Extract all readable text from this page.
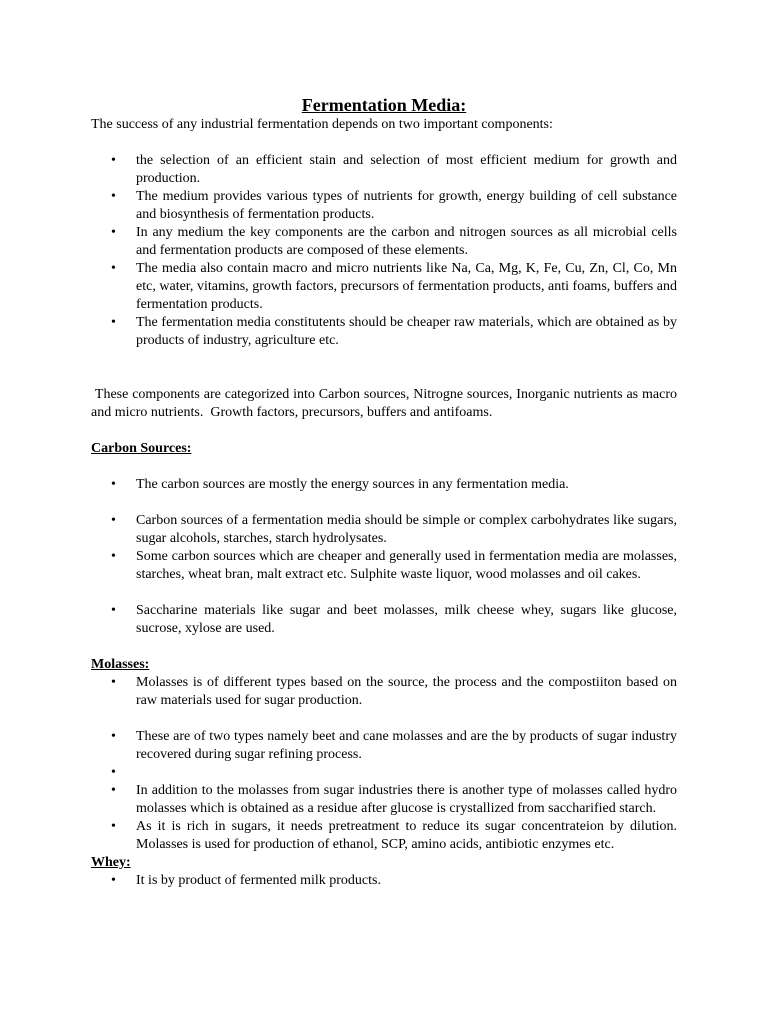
Fermentation Media:

The success of any industrial fermentation depends on two important components:

• the selection of an efficient stain and selection of most efficient medium for growth and production.
• The medium provides various types of nutrients for growth, energy building of cell substance and biosynthesis of fermentation products.
• In any medium the key components are the carbon and nitrogen sources as all microbial cells and fermentation products are composed of these elements.
• The media also contain macro and micro nutrients like Na, Ca, Mg, K, Fe, Cu, Zn, Cl, Co, Mn etc, water, vitamins, growth factors, precursors of fermentation products, anti foams, buffers and fermentation products.
• The fermentation media constitutents should be cheaper raw materials, which are obtained as by products of industry, agriculture etc.

These components are categorized into Carbon sources, Nitrogne sources, Inorganic nutrients as macro and micro nutrients.  Growth factors, precursors, buffers and antifoams.

Carbon Sources:

• The carbon sources are mostly the energy sources in any fermentation media.
• Carbon sources of a fermentation media should be simple or complex carbohydrates like sugars, sugar alcohols, starches, starch hydrolysates.
• Some carbon sources which are cheaper and generally used in fermentation media are molasses, starches, wheat bran, malt extract etc. Sulphite waste liquor, wood molasses and oil cakes.
• Saccharine materials like sugar and beet molasses, milk cheese whey, sugars like glucose, sucrose, xylose are used.

Molasses:

• Molasses is of different types based on the source, the process and the compostiiton based on raw materials used for sugar production.
• These are of two types namely beet and cane molasses and are the by products of sugar industry recovered during sugar refining process.
•
• In addition to the molasses from sugar industries there is another type of molasses called hydro molasses which is obtained as a residue after glucose is crystallized from saccharified starch.
• As it is rich in sugars, it needs pretreatment to reduce its sugar concentrateion by dilution. Molasses is used for production of ethanol, SCP, amino acids, antibiotic enzymes etc.

Whey:

• It is by product of fermented milk products.
